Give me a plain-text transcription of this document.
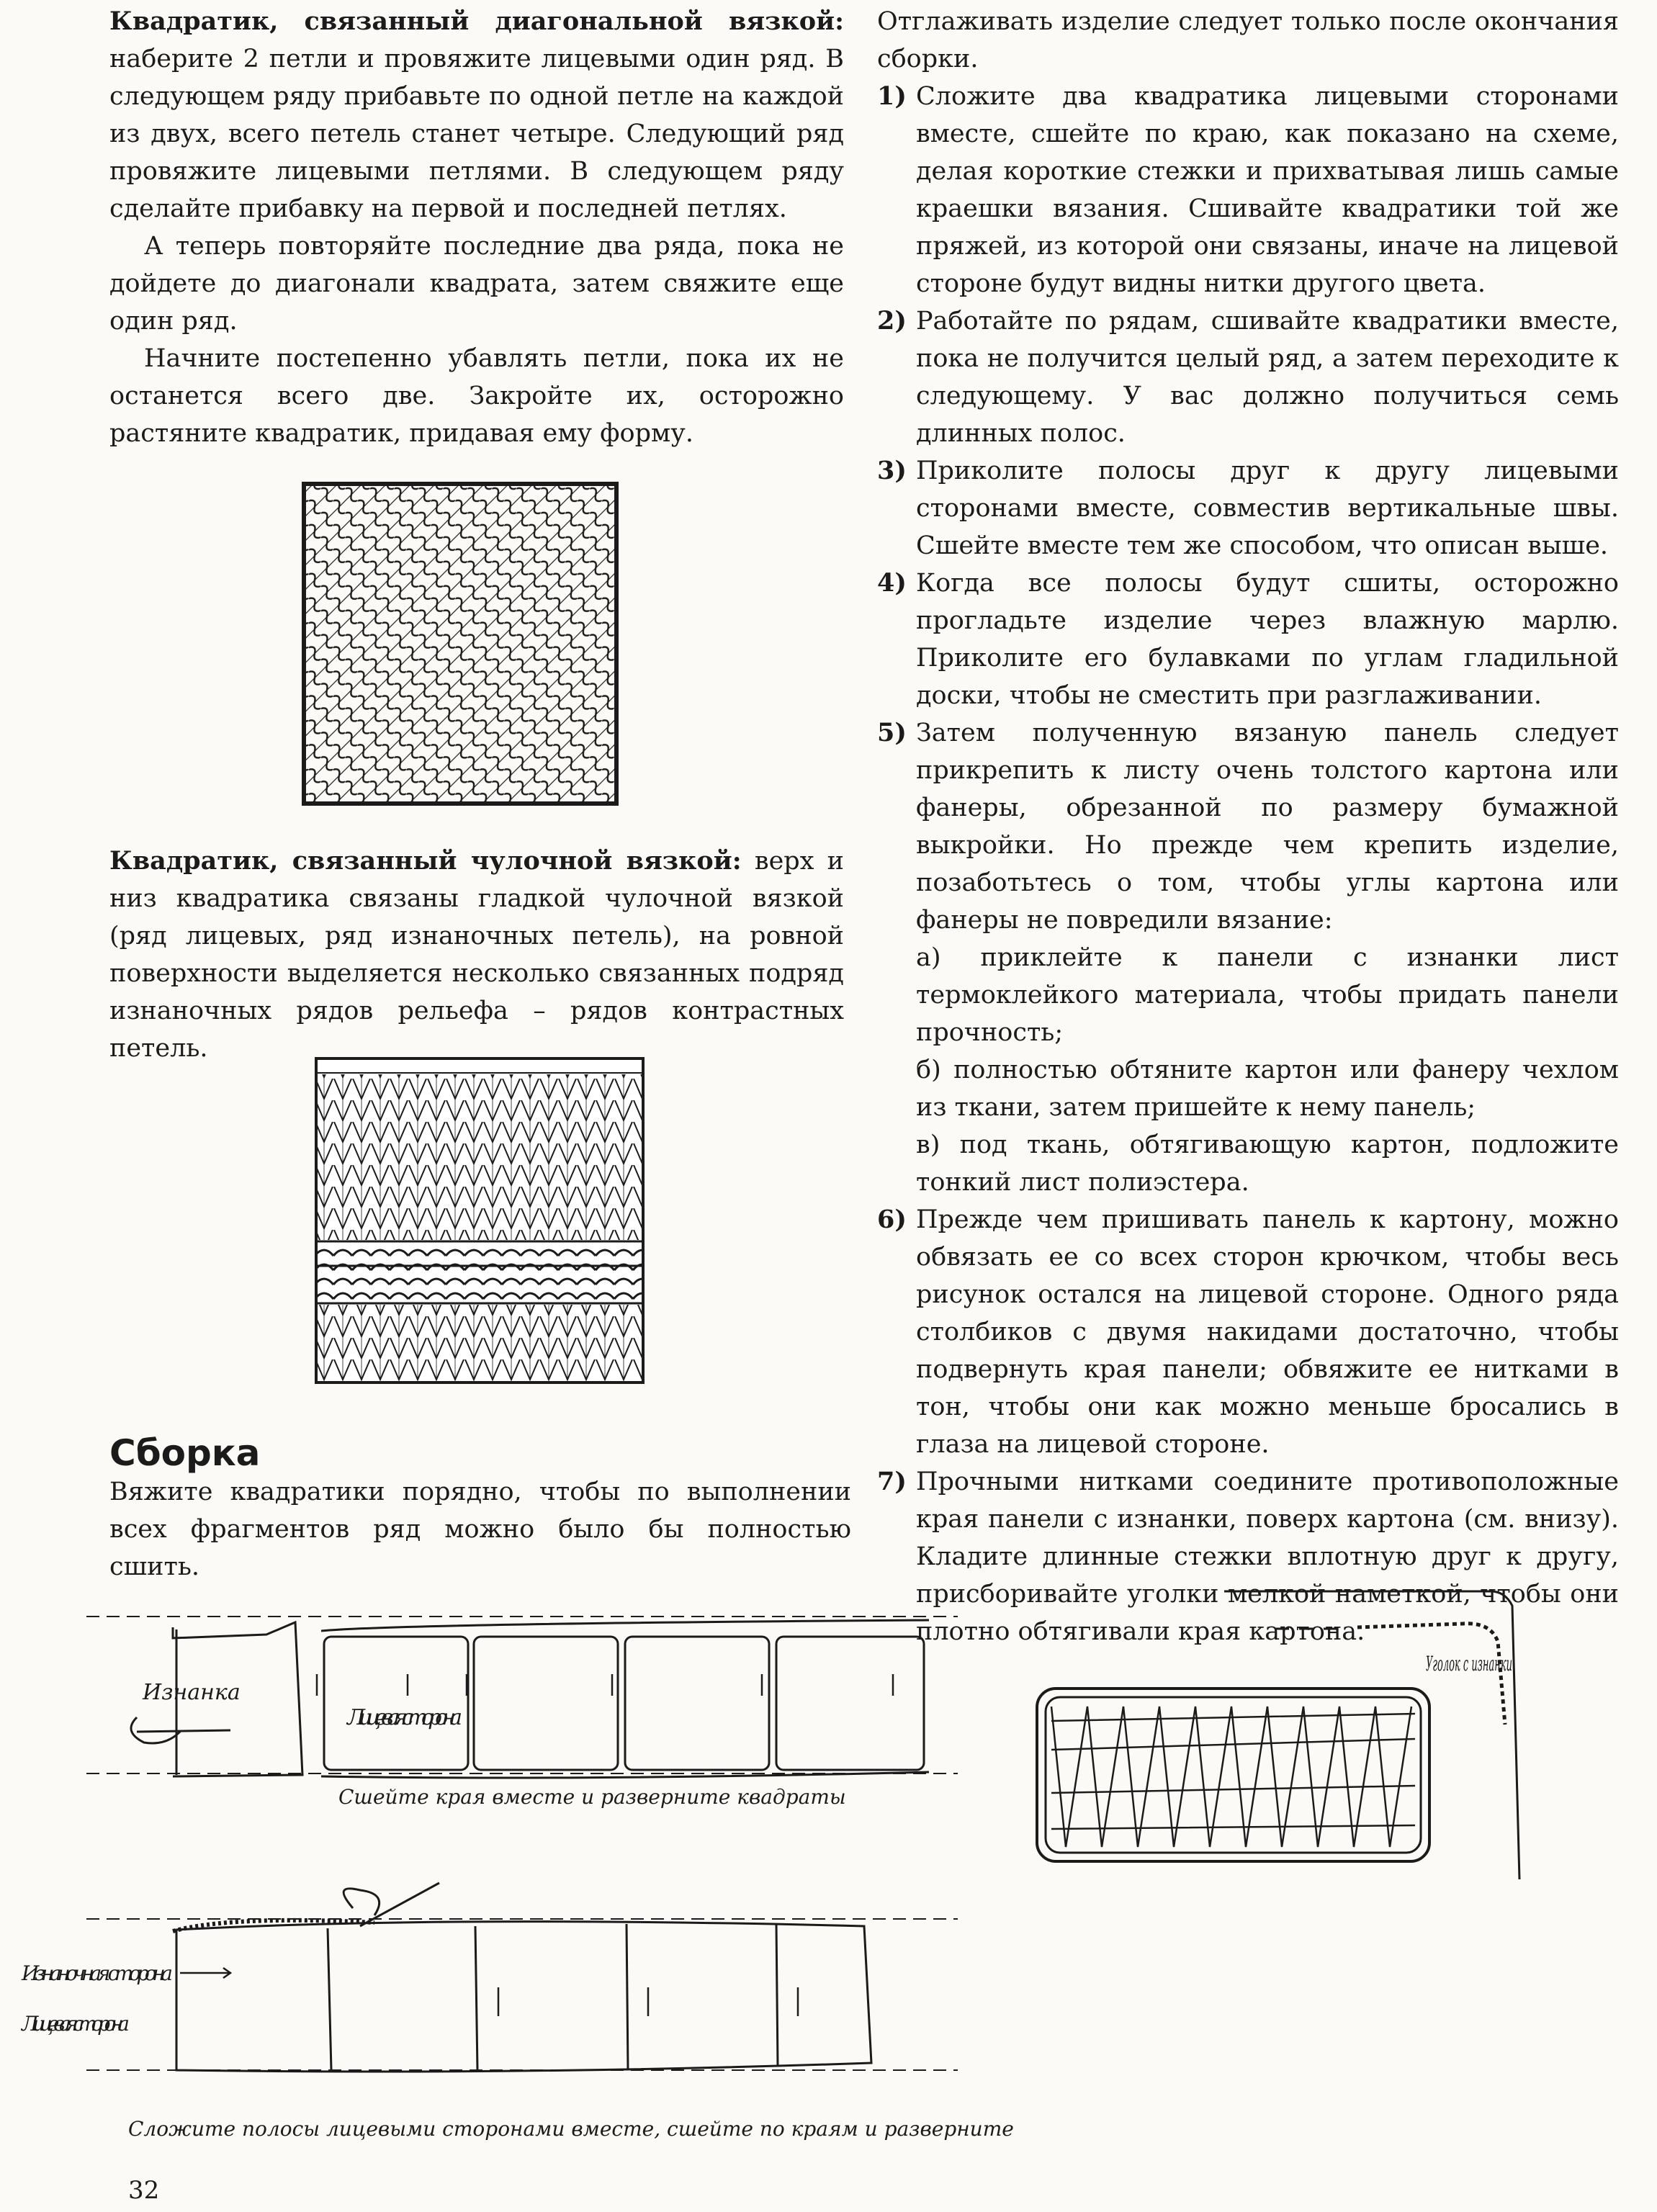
Квадратик, связанный диагональной вязкой: наберите 2 петли и провяжите лицевыми один ряд. В следующем ряду прибавьте по одной петле на каждой из двух, всего петель станет четыре. Следующий ряд провяжите лицевыми петлями. В следующем ряду сделайте прибавку на первой и последней петлях.

А теперь повторяйте последние два ряда, пока не дойдете до диагонали квадрата, затем свяжите еще один ряд.

Начните постепенно убавлять петли, пока их не останется всего две. Закройте их, осторожно растяните квадратик, придавая ему форму.

Квадратик, связанный чулочной вязкой: верх и низ квадратика связаны гладкой чулочной вязкой (ряд лицевых, ряд изнаночных петель), на ровной поверхности выделяется несколько связанных подряд изнаночных рядов рельефа – рядов контрастных петель.

Сборка

Вяжите квадратики порядно, чтобы по выполнении всех фрагментов ряд можно было бы полностью сшить.

Отглаживать изделие следует только после окончания сборки.

1) Сложите два квадратика лицевыми сторонами вместе, сшейте по краю, как показано на схеме, делая короткие стежки и прихватывая лишь самые краешки вязания. Сшивайте квадратики той же пряжей, из которой они связаны, иначе на лицевой стороне будут видны нитки другого цвета.
2) Работайте по рядам, сшивайте квадратики вместе, пока не получится целый ряд, а затем переходите к следующему. У вас должно получиться семь длинных полос.
3) Приколите полосы друг к другу лицевыми сторонами вместе, совместив вертикальные швы. Сшейте вместе тем же способом, что описан выше.
4) Когда все полосы будут сшиты, осторожно прогладьте изделие через влажную марлю. Приколите его булавками по углам гладильной доски, чтобы не сместить при разглаживании.
5) Затем полученную вязаную панель следует прикрепить к листу очень толстого картона или фанеры, обрезанной по размеру бумажной выкройки. Но прежде чем крепить изделие, позаботьтесь о том, чтобы углы картона или фанеры не повредили вязание:

а) приклейте к панели с изнанки лист термоклейкого материала, чтобы придать панели прочность;

б) полностью обтяните картон или фанеру чехлом из ткани, затем пришейте к нему панель;

в) под ткань, обтягивающую картон, подложите тонкий лист полиэстера.

6) Прежде чем пришивать панель к картону, можно обвязать ее со всех сторон крючком, чтобы весь рисунок остался на лицевой стороне. Одного ряда столбиков с двумя накидами достаточно, чтобы подвернуть края панели; обвяжите ее нитками в тон, чтобы они как можно меньше бросались в глаза на лицевой стороне.
7) Прочными нитками соедините противоположные края панели с изнанки, поверх картона (см. внизу). Кладите длинные стежки вплотную друг к другу, присборивайте уголки мелкой наметкой, чтобы они плотно обтягивали края картона.
Изнанка
Лицевая сторона
Сшейте края вместе и разверните квадраты
Изнаночная сторона
Лицевая сторона
Сложите полосы лицевыми сторонами вместе, сшейте по краям и разверните
Уголок с изнанки
32
